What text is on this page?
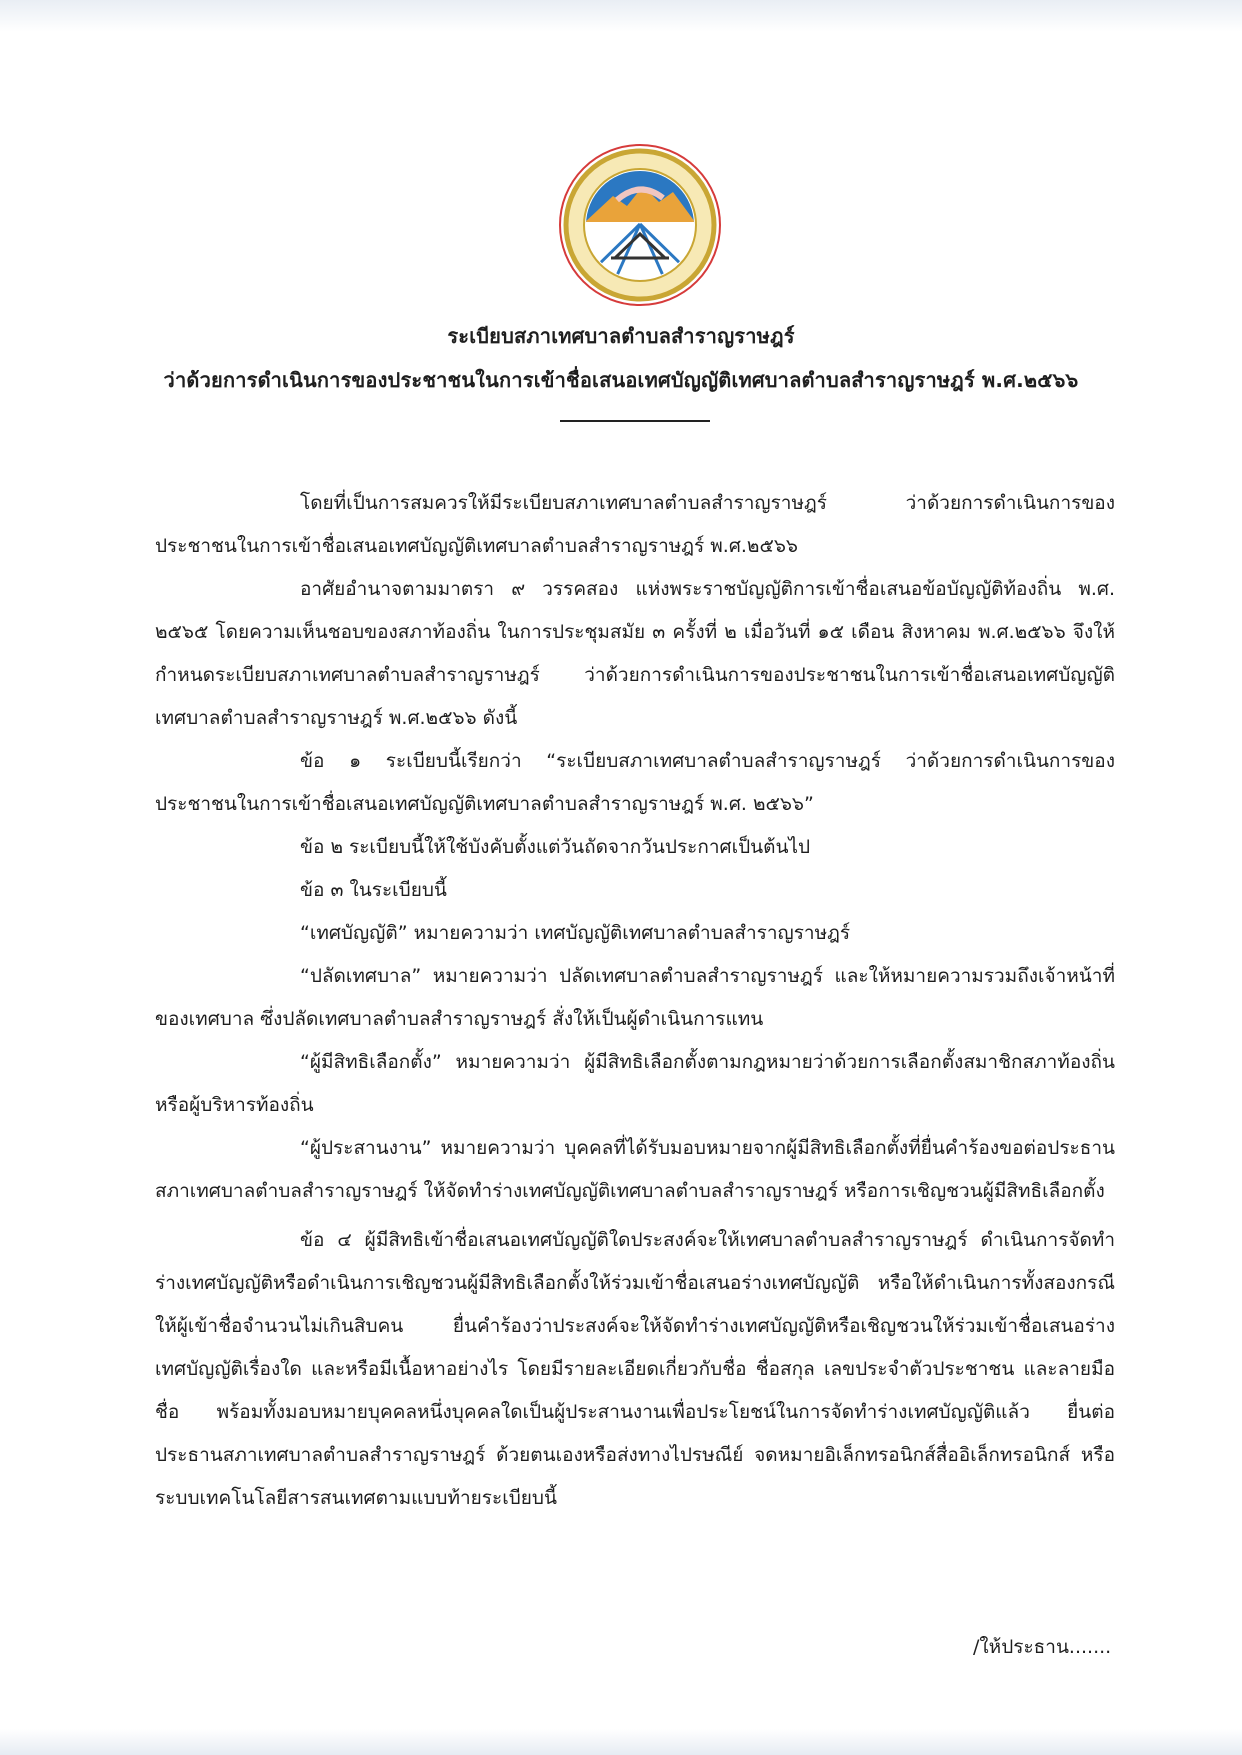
ระเบียบสภาเทศบาลตำบลสำราญราษฎร์
ว่าด้วยการดำเนินการของประชาชนในการเข้าชื่อเสนอเทศบัญญัติเทศบาลตำบลสำราญราษฎร์ พ.ศ.๒๕๖๖

โดยที่เป็นการสมควรให้มีระเบียบสภาเทศบาลตำบลสำราญราษฎร์ ว่าด้วยการดำเนินการของประชาชนในการเข้าชื่อเสนอเทศบัญญัติเทศบาลตำบลสำราญราษฎร์ พ.ศ.๒๕๖๖

อาศัยอำนาจตามมาตรา ๙ วรรคสอง แห่งพระราชบัญญัติการเข้าชื่อเสนอข้อบัญญัติท้องถิ่น พ.ศ. ๒๕๖๕ โดยความเห็นชอบของสภาท้องถิ่น ในการประชุมสมัย ๓ ครั้งที่ ๒ เมื่อวันที่ ๑๕ เดือน สิงหาคม พ.ศ.๒๕๖๖ จึงให้กำหนดระเบียบสภาเทศบาลตำบลสำราญราษฎร์ ว่าด้วยการดำเนินการของประชาชนในการเข้าชื่อเสนอเทศบัญญัติเทศบาลตำบลสำราญราษฎร์ พ.ศ.๒๕๖๖ ดังนี้

ข้อ ๑ ระเบียบนี้เรียกว่า “ระเบียบสภาเทศบาลตำบลสำราญราษฎร์ ว่าด้วยการดำเนินการของประชาชนในการเข้าชื่อเสนอเทศบัญญัติเทศบาลตำบลสำราญราษฎร์ พ.ศ. ๒๕๖๖”

ข้อ ๒ ระเบียบนี้ให้ใช้บังคับตั้งแต่วันถัดจากวันประกาศเป็นต้นไป

ข้อ ๓ ในระเบียบนี้

“เทศบัญญัติ” หมายความว่า เทศบัญญัติเทศบาลตำบลสำราญราษฎร์

“ปลัดเทศบาล” หมายความว่า ปลัดเทศบาลตำบลสำราญราษฎร์ และให้หมายความรวมถึงเจ้าหน้าที่ของเทศบาล ซึ่งปลัดเทศบาลตำบลสำราญราษฎร์ สั่งให้เป็นผู้ดำเนินการแทน

“ผู้มีสิทธิเลือกตั้ง” หมายความว่า ผู้มีสิทธิเลือกตั้งตามกฎหมายว่าด้วยการเลือกตั้งสมาชิกสภาท้องถิ่นหรือผู้บริหารท้องถิ่น

“ผู้ประสานงาน” หมายความว่า บุคคลที่ได้รับมอบหมายจากผู้มีสิทธิเลือกตั้งที่ยื่นคำร้องขอต่อประธานสภาเทศบาลตำบลสำราญราษฎร์ ให้จัดทำร่างเทศบัญญัติเทศบาลตำบลสำราญราษฎร์ หรือการเชิญชวนผู้มีสิทธิเลือกตั้ง

ข้อ ๔ ผู้มีสิทธิเข้าชื่อเสนอเทศบัญญัติใดประสงค์จะให้เทศบาลตำบลสำราญราษฎร์ ดำเนินการจัดทำร่างเทศบัญญัติหรือดำเนินการเชิญชวนผู้มีสิทธิเลือกตั้งให้ร่วมเข้าชื่อเสนอร่างเทศบัญญัติ หรือให้ดำเนินการทั้งสองกรณี ให้ผู้เข้าชื่อจำนวนไม่เกินสิบคน ยื่นคำร้องว่าประสงค์จะให้จัดทำร่างเทศบัญญัติหรือเชิญชวนให้ร่วมเข้าชื่อเสนอร่างเทศบัญญัติเรื่องใด และหรือมีเนื้อหาอย่างไร โดยมีรายละเอียดเกี่ยวกับชื่อ ชื่อสกุล เลขประจำตัวประชาชน และลายมือชื่อ พร้อมทั้งมอบหมายบุคคลหนึ่งบุคคลใดเป็นผู้ประสานงานเพื่อประโยชน์ในการจัดทำร่างเทศบัญญัติแล้ว ยื่นต่อประธานสภาเทศบาลตำบลสำราญราษฎร์ ด้วยตนเองหรือส่งทางไปรษณีย์ จดหมายอิเล็กทรอนิกส์สื่ออิเล็กทรอนิกส์ หรือระบบเทคโนโลยีสารสนเทศตามแบบท้ายระเบียบนี้

/ให้ประธาน.......
